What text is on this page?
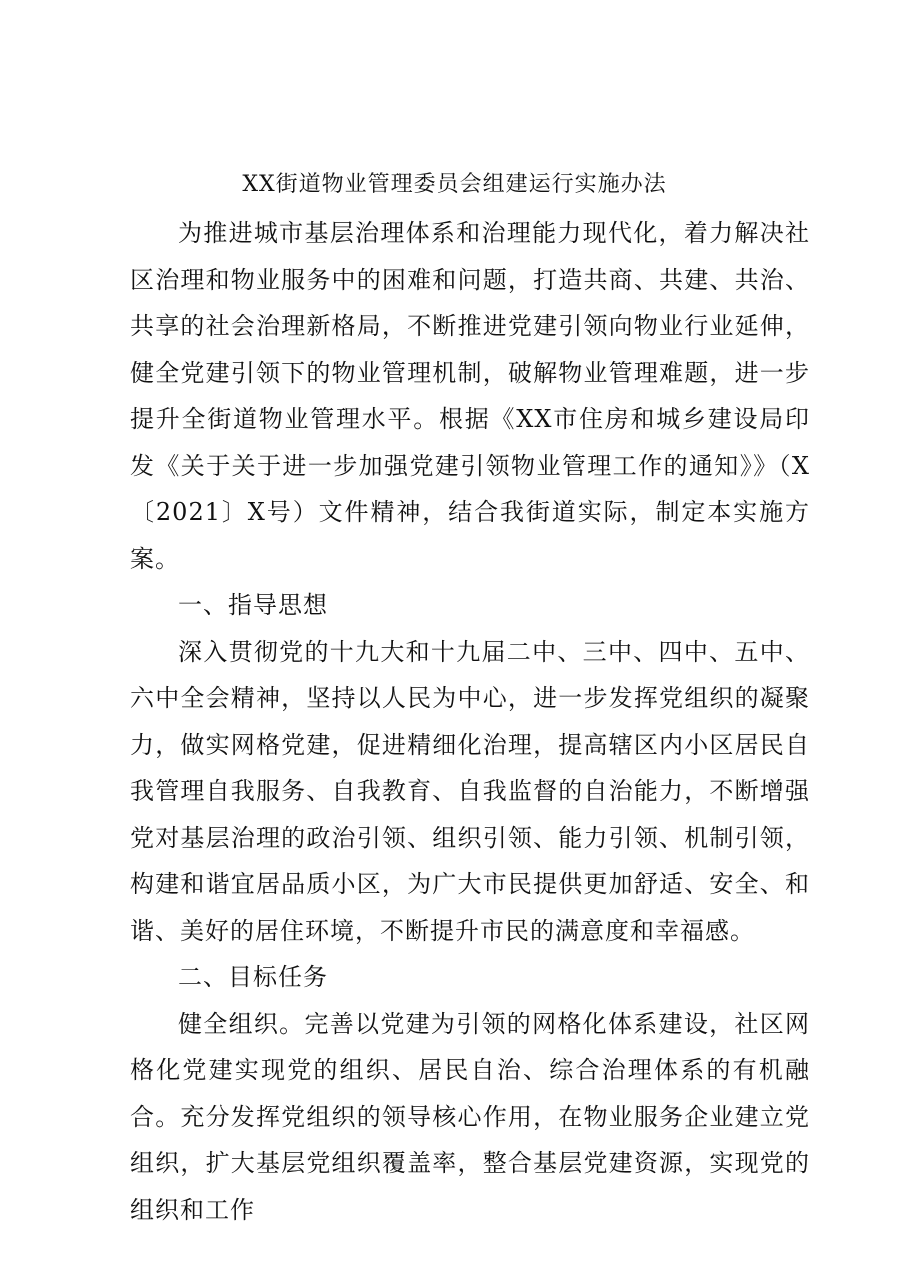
XX街道物业管理委员会组建运行实施办法

为推进城市基层治理体系和治理能力现代化，着力解决社区治理和物业服务中的困难和问题，打造共商、共建、共治、共享的社会治理新格局，不断推进党建引领向物业行业延伸，健全党建引领下的物业管理机制，破解物业管理难题，进一步提升全街道物业管理水平。根据《XX市住房和城乡建设局印发《关于关于进一步加强党建引领物业管理工作的通知》》（X〔2021〕X号）文件精神，结合我街道实际，制定本实施方案。

一、指导思想

深入贯彻党的十九大和十九届二中、三中、四中、五中、六中全会精神，坚持以人民为中心，进一步发挥党组织的凝聚力，做实网格党建，促进精细化治理，提高辖区内小区居民自我管理自我服务、自我教育、自我监督的自治能力，不断增强党对基层治理的政治引领、组织引领、能力引领、机制引领，构建和谐宜居品质小区，为广大市民提供更加舒适、安全、和谐、美好的居住环境，不断提升市民的满意度和幸福感。

二、目标任务

健全组织。完善以党建为引领的网格化体系建设，社区网格化党建实现党的组织、居民自治、综合治理体系的有机融合。充分发挥党组织的领导核心作用，在物业服务企业建立党组织，扩大基层党组织覆盖率，整合基层党建资源，实现党的组织和工作
